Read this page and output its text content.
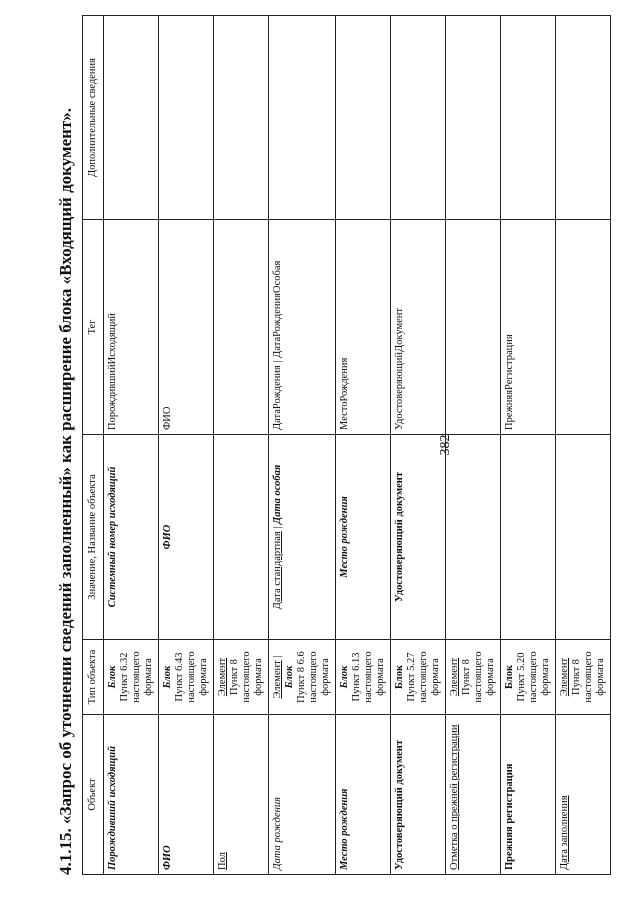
4.1.15. «Запрос об уточнении сведений заполненный» как расширение блока «Входящий документ».	Объект	Тип объекта	Значение, Название объекта	Тег	Дополнительные сведения
Порождивший исходящий	Блок Пункт 6.32 настоящего формата	Системный номер исходящий	ПорождившийИсходящий	
ФИО	Блок Пункт 6.43 настоящего формата	ФИО	ФИО	
Пол	Элемент Пункт 8 настоящего формата			

Дата рождения	Элемент | Блок Пункт 8 6.6 настоящего формата	Дата стандартная | Дата особая	ДатаРождения | ДатаРожденияОсобая	
Место рождения	Блок Пункт 6.13 настоящего формата	Место рождения	МестоРождения	
Удостоверяющий документ	Блок Пункт 5.27 настоящего формата	Удостоверяющий документ	УдостоверяющийДокумент	
Отметка о прежней регистрации	Элемент Пункт 8 настоящего формата			

Прежняя регистрация	Блок Пункт 5.20 настоящего формата		ПрежняяРегистрация	
Дата заполнения	Элемент Пункт 8 настоящего формата			

382
